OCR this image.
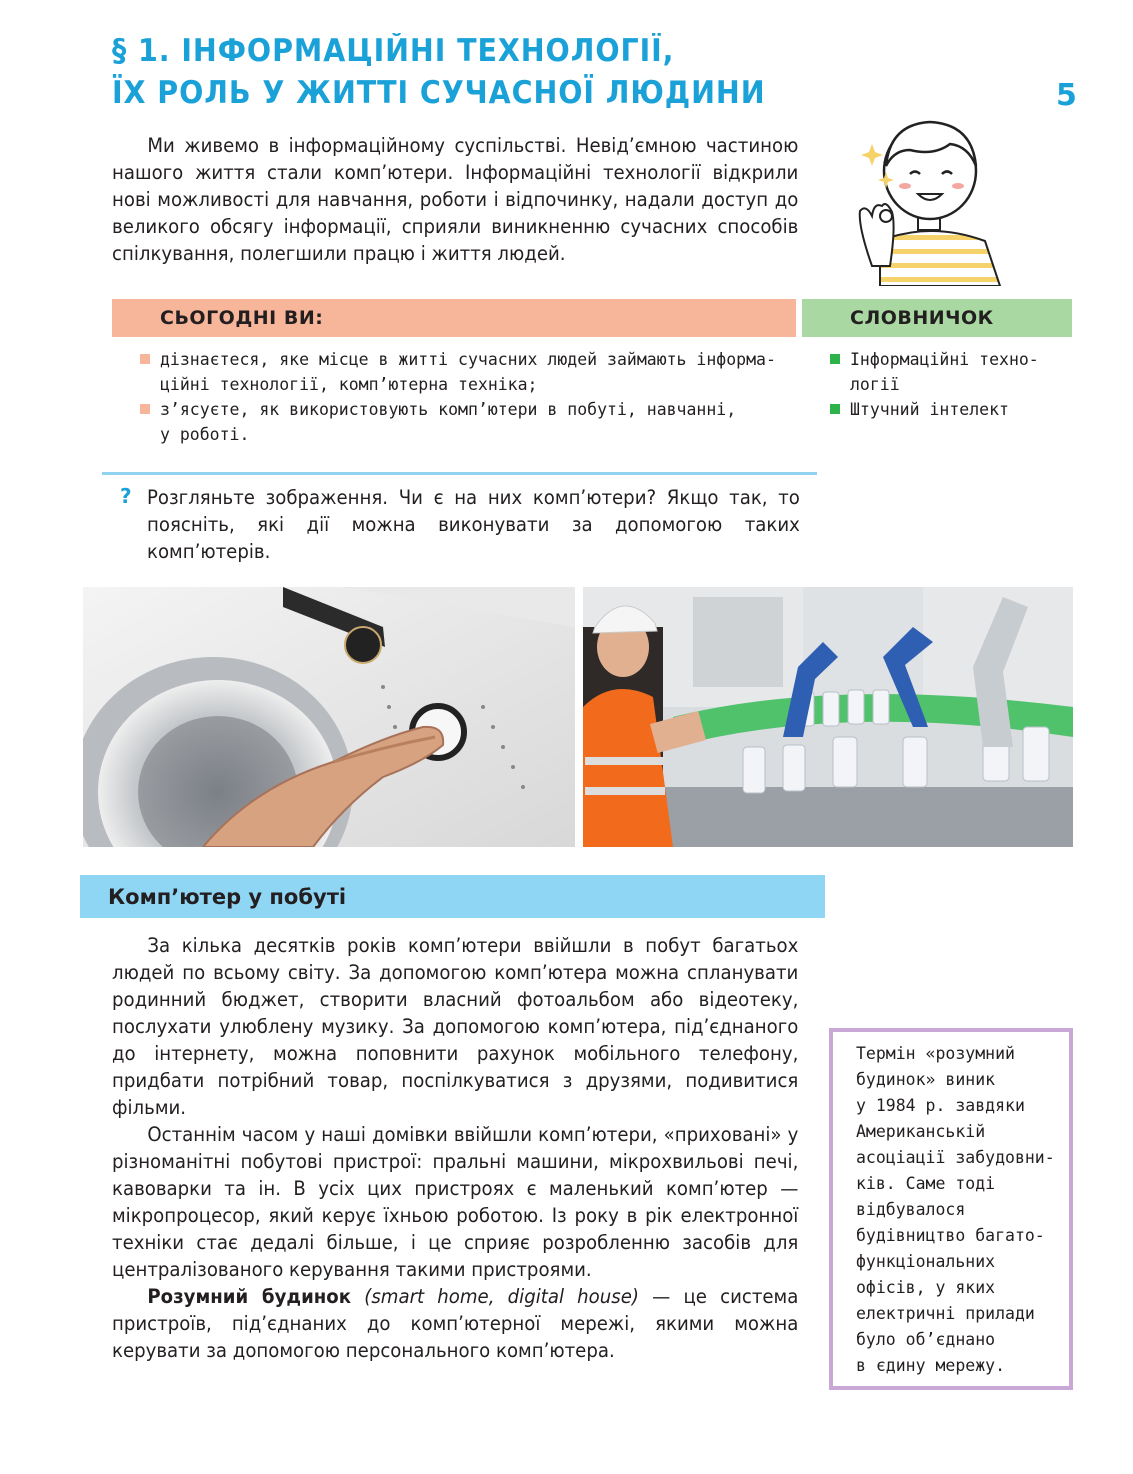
§ 1. ІНФОРМАЦІЙНІ ТЕХНОЛОГІЇ,
ЇХ РОЛЬ У ЖИТТІ СУЧАСНОЇ ЛЮДИНИ	5

Ми живемо в інформаційному суспільстві. Невід’ємною частиною нашого життя стали комп’ютери. Інформаційні технології відкрили нові можливості для навчання, роботи і відпочинку, надали доступ до великого обсягу інформації, сприяли виникненню сучасних способів спілкування, полегшили працю і життя людей.

СЬОГОДНІ ВИ:	СЛОВНИЧОК
дізнаєтеся, яке місце в житті сучасних людей займають інформа-
ційні технології, комп’ютерна техніка;
з’ясуєте, як використовують комп’ютери в побуті, навчанні,
у роботі.
Інформаційні техно-
логії
Штучний інтелект
? Розгляньте зображення. Чи є на них комп’ютери? Якщо так, то поясніть, які дії можна виконувати за допомогою таких комп’ютерів.

Комп’ютер у побуті

За кілька десятків років комп’ютери ввійшли в побут багатьох людей по всьому світу. За допомогою комп’ютера можна спланувати родинний бюджет, створити власний фотоальбом або відеотеку, послухати улюблену музику. За допомогою комп’ютера, під’єднаного до інтернету, можна поповнити рахунок мобільного телефону, придбати потрібний товар, поспілкуватися з друзями, подивитися фільми.

Останнім часом у наші домівки ввійшли комп’ютери, «приховані» у різноманітні побутові пристрої: пральні машини, мікрохвильові печі, кавоварки та ін. В усіх цих пристроях є маленький комп’ютер — мікропроцесор, який керує їхньою роботою. Із року в рік електронної техніки стає дедалі більше, і це сприяє розробленню засобів для централізованого керування такими пристроями.

Розумний будинок (smart home, digital house) — це система пристроїв, під’єднаних до комп’ютерної мережі, якими можна керувати за допомогою персонального комп’ютера.

Термін «розумний
будинок» виник
у 1984 р. завдяки
Американській
асоціації забудовни-
ків. Саме тоді
відбувалося
будівництво багато-
функціональних
офісів, у яких
електричні прилади
було об’єднано
в єдину мережу.
